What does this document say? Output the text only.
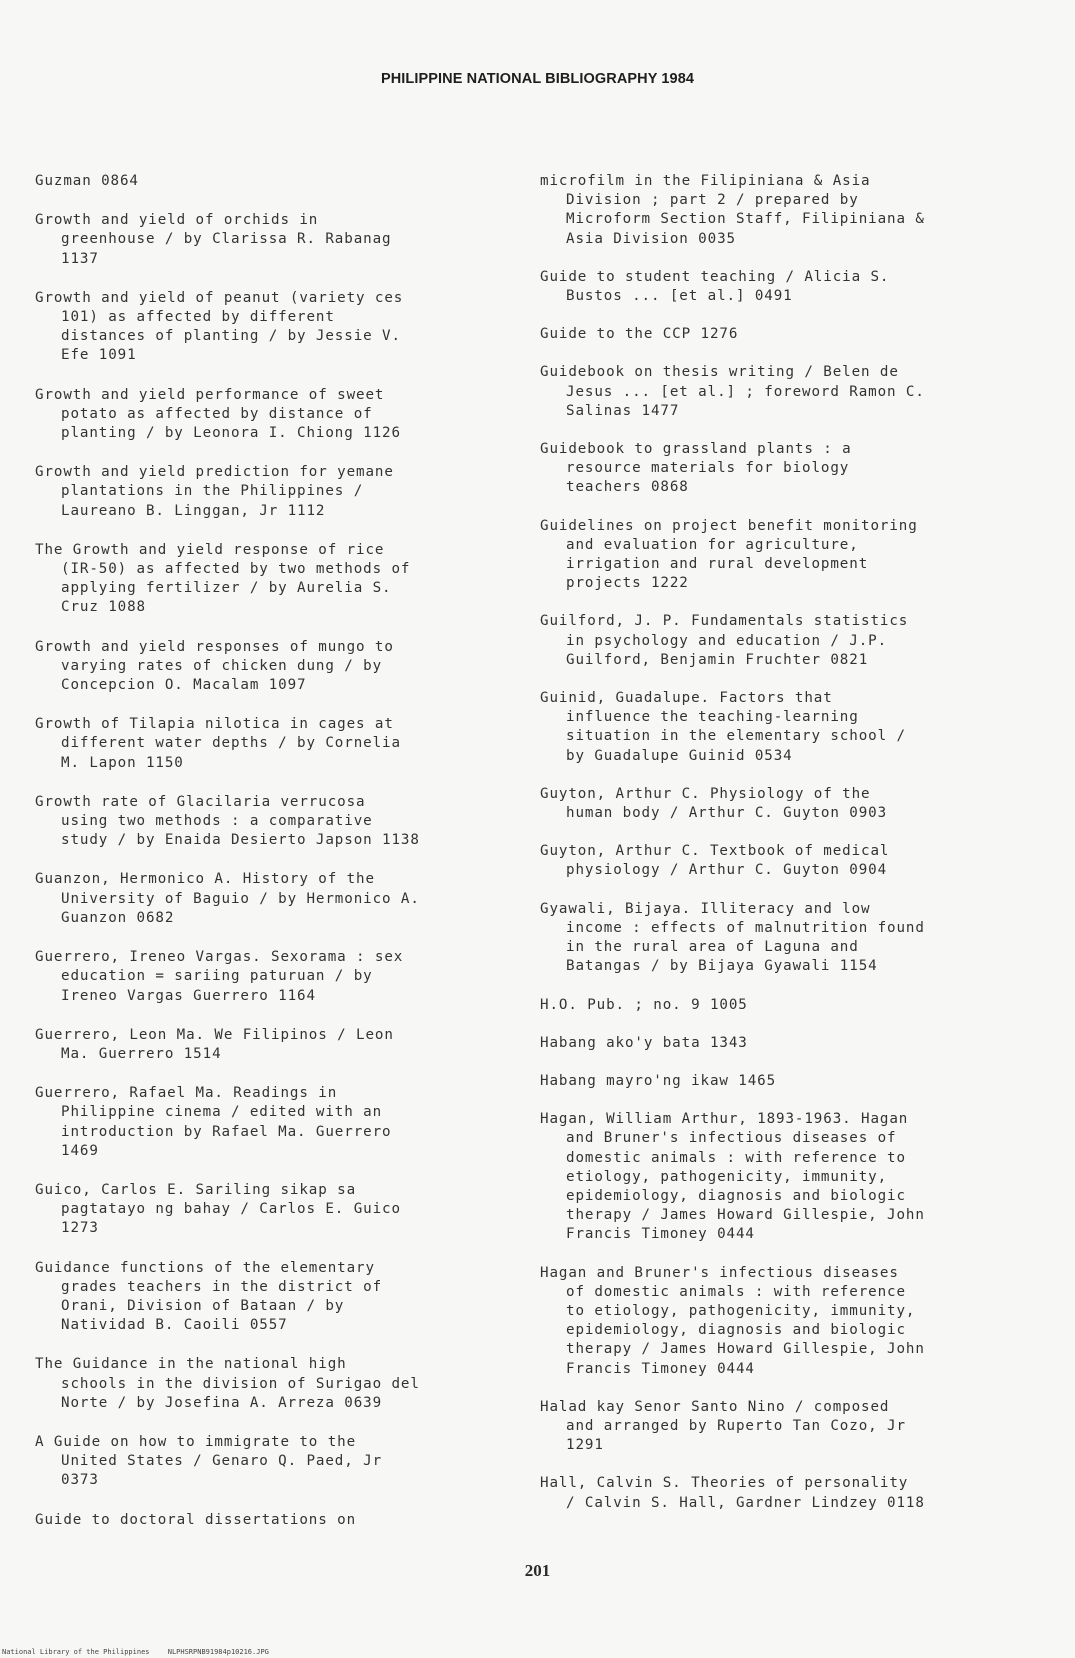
PHILIPPINE NATIONAL BIBLIOGRAPHY 1984
Guzman 0864
Growth and yield of orchids in
greenhouse / by Clarissa R. Rabanag
1137
Growth and yield of peanut (variety ces
101) as affected by different
distances of planting / by Jessie V.
Efe 1091
Growth and yield performance of sweet
potato as affected by distance of
planting / by Leonora I. Chiong 1126
Growth and yield prediction for yemane
plantations in the Philippines /
Laureano B. Linggan, Jr 1112
The Growth and yield response of rice
(IR-50) as affected by two methods of
applying fertilizer / by Aurelia S.
Cruz 1088
Growth and yield responses of mungo to
varying rates of chicken dung / by
Concepcion O. Macalam 1097
Growth of Tilapia nilotica in cages at
different water depths / by Cornelia
M. Lapon 1150
Growth rate of Glacilaria verrucosa
using two methods : a comparative
study / by Enaida Desierto Japson 1138
Guanzon, Hermonico A. History of the
University of Baguio / by Hermonico A.
Guanzon 0682
Guerrero, Ireneo Vargas. Sexorama : sex
education = sariing paturuan / by
Ireneo Vargas Guerrero 1164
Guerrero, Leon Ma. We Filipinos / Leon
Ma. Guerrero 1514
Guerrero, Rafael Ma. Readings in
Philippine cinema / edited with an
introduction by Rafael Ma. Guerrero
1469
Guico, Carlos E. Sariling sikap sa
pagtatayo ng bahay / Carlos E. Guico
1273
Guidance functions of the elementary
grades teachers in the district of
Orani, Division of Bataan / by
Natividad B. Caoili 0557
The Guidance in the national high
schools in the division of Surigao del
Norte / by Josefina A. Arreza 0639
A Guide on how to immigrate to the
United States / Genaro Q. Paed, Jr
0373
Guide to doctoral dissertations on
microfilm in the Filipiniana & Asia
Division ; part 2 / prepared by
Microform Section Staff, Filipiniana &
Asia Division 0035
Guide to student teaching / Alicia S.
Bustos ... [et al.] 0491
Guide to the CCP 1276
Guidebook on thesis writing / Belen de
Jesus ... [et al.] ; foreword Ramon C.
Salinas 1477
Guidebook to grassland plants : a
resource materials for biology
teachers 0868
Guidelines on project benefit monitoring
and evaluation for agriculture,
irrigation and rural development
projects 1222
Guilford, J. P. Fundamentals statistics
in psychology and education / J.P.
Guilford, Benjamin Fruchter 0821
Guinid, Guadalupe. Factors that
influence the teaching-learning
situation in the elementary school /
by Guadalupe Guinid 0534
Guyton, Arthur C. Physiology of the
human body / Arthur C. Guyton 0903
Guyton, Arthur C. Textbook of medical
physiology / Arthur C. Guyton 0904
Gyawali, Bijaya. Illiteracy and low
income : effects of malnutrition found
in the rural area of Laguna and
Batangas / by Bijaya Gyawali 1154
H.O. Pub. ; no. 9 1005
Habang ako'y bata 1343
Habang mayro'ng ikaw 1465
Hagan, William Arthur, 1893-1963. Hagan
and Bruner's infectious diseases of
domestic animals : with reference to
etiology, pathogenicity, immunity,
epidemiology, diagnosis and biologic
therapy / James Howard Gillespie, John
Francis Timoney 0444
Hagan and Bruner's infectious diseases
of domestic animals : with reference
to etiology, pathogenicity, immunity,
epidemiology, diagnosis and biologic
therapy / James Howard Gillespie, John
Francis Timoney 0444
Halad kay Senor Santo Nino / composed
and arranged by Ruperto Tan Cozo, Jr
1291
Hall, Calvin S. Theories of personality
/ Calvin S. Hall, Gardner Lindzey 0118
201
National Library of the Philippines	NLPHSRPNB91984p10216.JPG
